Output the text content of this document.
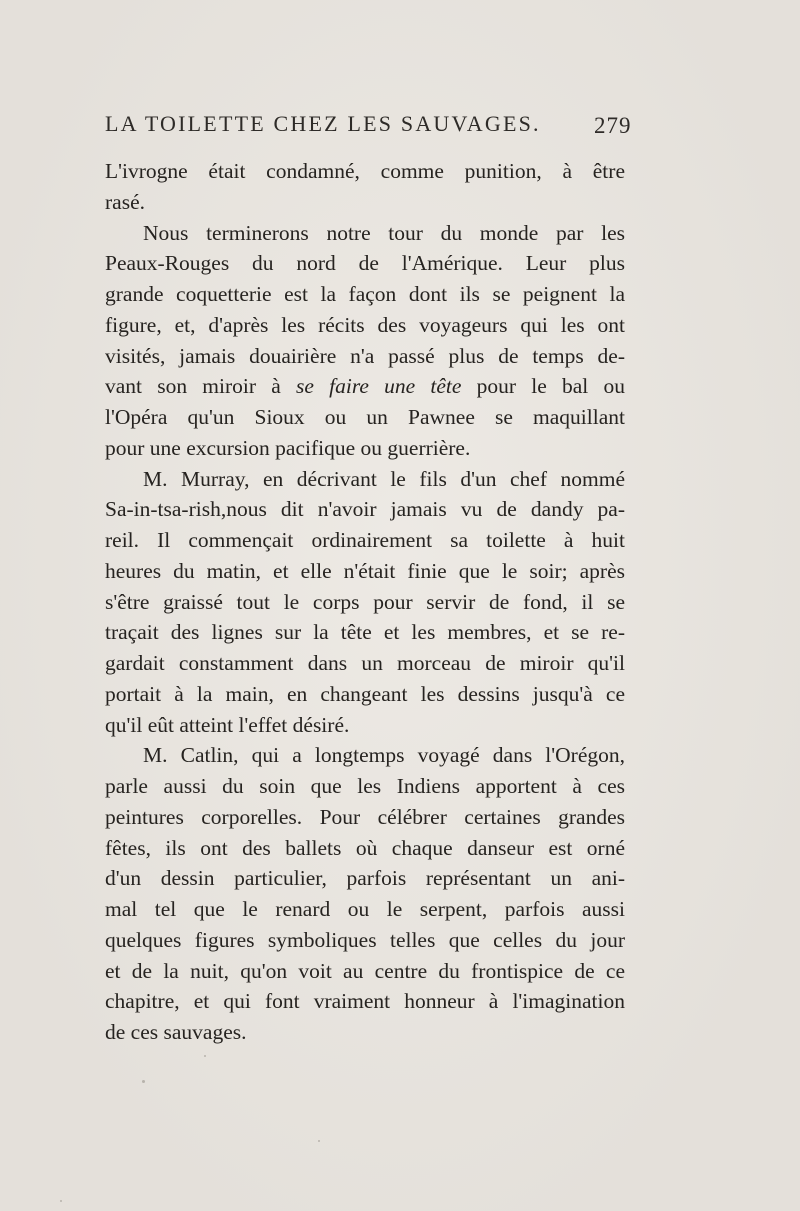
LA TOILETTE CHEZ LES SAUVAGES.	279
L'ivrogne était condamné, comme punition, à être
rasé.
Nous terminerons notre tour du monde par les
Peaux-Rouges du nord de l'Amérique. Leur plus
grande coquetterie est la façon dont ils se peignent la
figure, et, d'après les récits des voyageurs qui les ont
visités, jamais douairière n'a passé plus de temps de-
vant son miroir à se faire une tête pour le bal ou
l'Opéra qu'un Sioux ou un Pawnee se maquillant
pour une excursion pacifique ou guerrière.
M. Murray, en décrivant le fils d'un chef nommé
Sa-in-tsa-rish,nous dit n'avoir jamais vu de dandy pa-
reil. Il commençait ordinairement sa toilette à huit
heures du matin, et elle n'était finie que le soir; après
s'être graissé tout le corps pour servir de fond, il se
traçait des lignes sur la tête et les membres, et se re-
gardait constamment dans un morceau de miroir qu'il
portait à la main, en changeant les dessins jusqu'à ce
qu'il eût atteint l'effet désiré.
M. Catlin, qui a longtemps voyagé dans l'Orégon,
parle aussi du soin que les Indiens apportent à ces
peintures corporelles. Pour célébrer certaines grandes
fêtes, ils ont des ballets où chaque danseur est orné
d'un dessin particulier, parfois représentant un ani-
mal tel que le renard ou le serpent, parfois aussi
quelques figures symboliques telles que celles du jour
et de la nuit, qu'on voit au centre du frontispice de ce
chapitre, et qui font vraiment honneur à l'imagination
de ces sauvages.
